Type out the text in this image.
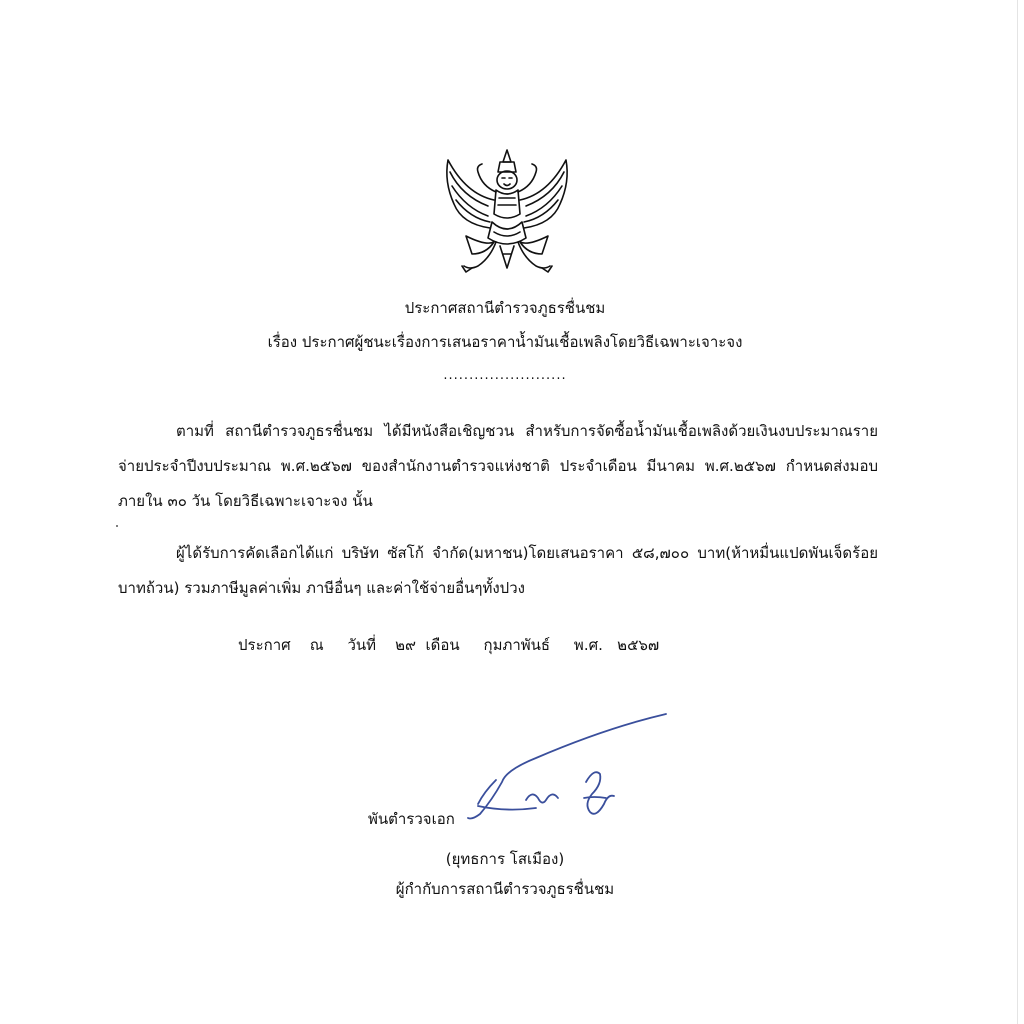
ประกาศสถานีตำรวจภูธรชื่นชม
เรื่อง ประกาศผู้ชนะเรื่องการเสนอราคาน้ำมันเชื้อเพลิงโดยวิธีเฉพาะเจาะจง
........................
ตามที่ สถานีตำรวจภูธรชื่นชม ได้มีหนังสือเชิญชวน สำหรับการจัดซื้อน้ำมันเชื้อเพลิงด้วยเงินงบประมาณรายจ่ายประจำปีงบประมาณ พ.ศ.๒๕๖๗ ของสำนักงานตำรวจแห่งชาติ ประจำเดือน มีนาคม พ.ศ.๒๕๖๗ กำหนดส่งมอบภายใน ๓๐ วัน โดยวิธีเฉพาะเจาะจง นั้น
ผู้ได้รับการคัดเลือกได้แก่ บริษัท ซัสโก้ จำกัด(มหาชน)โดยเสนอราคา ๕๘,๗๐๐ บาท(ห้าหมื่นแปดพันเจ็ดร้อยบาทถ้วน) รวมภาษีมูลค่าเพิ่ม ภาษีอื่นๆ และค่าใช้จ่ายอื่นๆทั้งปวง
ประกาศ    ณ     วันที่    ๒๙  เดือน     กุมภาพันธ์     พ.ศ.   ๒๕๖๗
พันตำรวจเอก
(ยุทธการ โสเมือง)
ผู้กำกับการสถานีตำรวจภูธรชื่นชม
